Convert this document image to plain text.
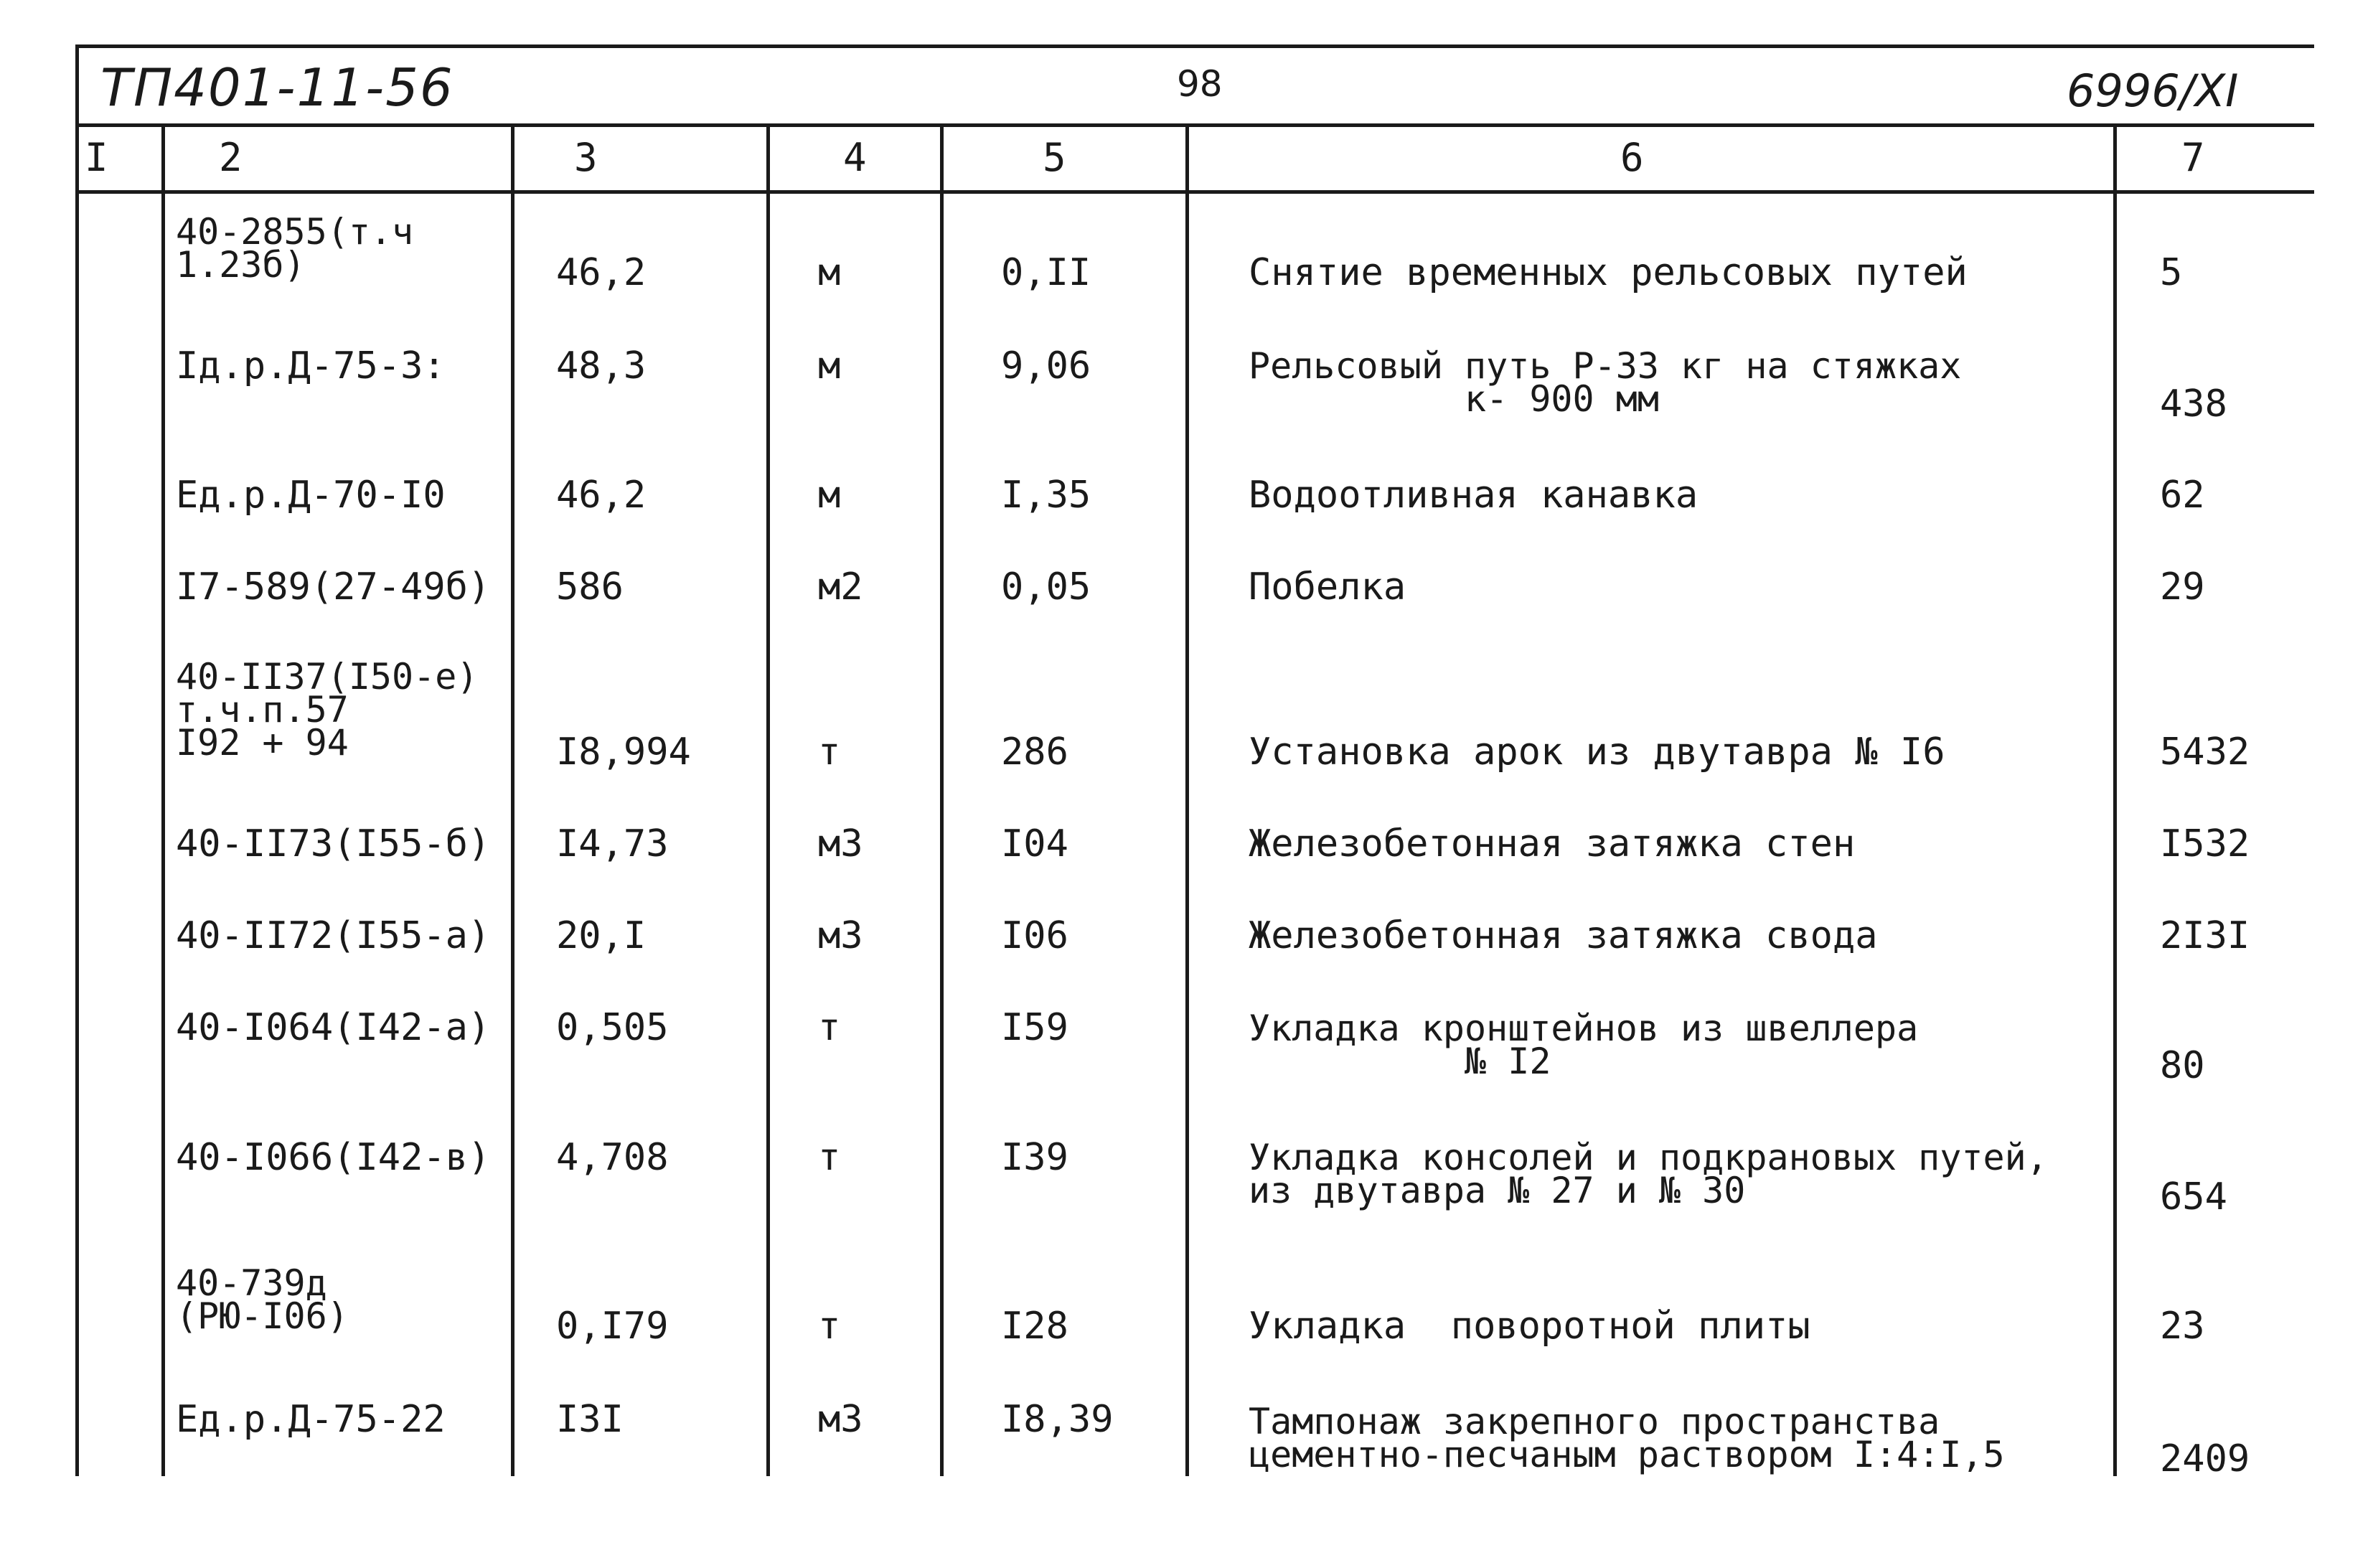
ТП401-11-56	98	6996/XI
I	2	3	4	5	6	7
40-2855(т.ч
1.23б)	46,2	м	0,II	Снятие временных рельсовых путей	5
Iд.р.Д-75-3:	48,3	м	9,06	Рельсовый путь Р-33 кг на стяжках
к- 900 мм	438
Ед.р.Д-70-I0	46,2	м	I,35	Водоотливная канавка	62
I7-589(27-49б) 586	м2	0,05	Побелка	29
40-II37(I50-е)
т.ч.п.57
I92 + 94	I8,994	т	286	Установка арок из двутавра № I6	5432
40-II73(I55-б) I4,73	м3	I04	Железобетонная затяжка стен	I532
40-II72(I55-а) 20,I	м3	I06	Железобетонная затяжка свода	2I3I
40-I064(I42-а) 0,505	т	I59	Укладка кронштейнов из швеллера
№ I2	80
40-I066(I42-в) 4,708	т	I39	Укладка консолей и подкрановых путей,
из двутавра № 27 и № 30	654
40-739д
(РЮ-I06)	0,I79	т	I28	Укладка  поворотной плиты	23
Ед.р.Д-75-22	I3I	м3	I8,39	Тампонаж закрепного пространства
цементно-песчаным раствором I:4:I,5	2409
